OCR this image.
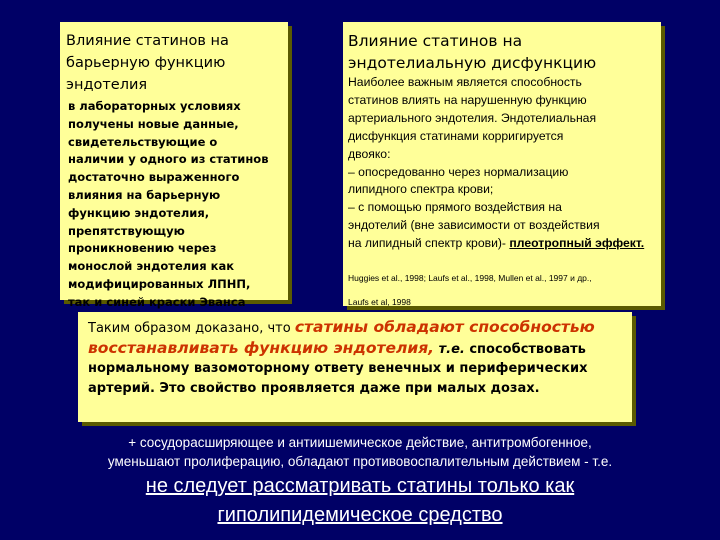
Влияние статинов на барьерную функцию эндотелия
в лабораторных условиях
получены новые данные,
свидетельствующие о
наличии у одного из статинов
достаточно выраженного
влияния на барьерную
функцию эндотелия,
препятствующую
проникновению через
монослой эндотелия как
модифицированных ЛПНП,
так и синей краски Эванса
Влияние статинов на эндотелиальную дисфункцию
Наиболее важным является способность
статинов влиять на нарушенную функцию
артериального эндотелия. Эндотелиальная
дисфункция статинами корригируется
двояко:
– опосредованно через нормализацию
липидного спектра крови;
– с помощью прямого воздействия на
эндотелий (вне зависимости от воздействия
на липидный спектр крови)- плеотропный эффект.
Huggies et al., 1998; Laufs et al., 1998, Mullen et al., 1997 и др.,
Laufs et al, 1998
Таким образом доказано, что статины обладают способностью восстанавливать функцию эндотелия, т.е. способствовать нормальному вазомоторному ответу венечных и периферических артерий. Это свойство проявляется даже при малых дозах.
+ сосудорасширяющее и антиишемическое действие, антитромбогенное,
уменьшают пролиферацию, обладают противовоспалительным действием - т.е.
не следует рассматривать статины только как
гиполипидемическое средство
